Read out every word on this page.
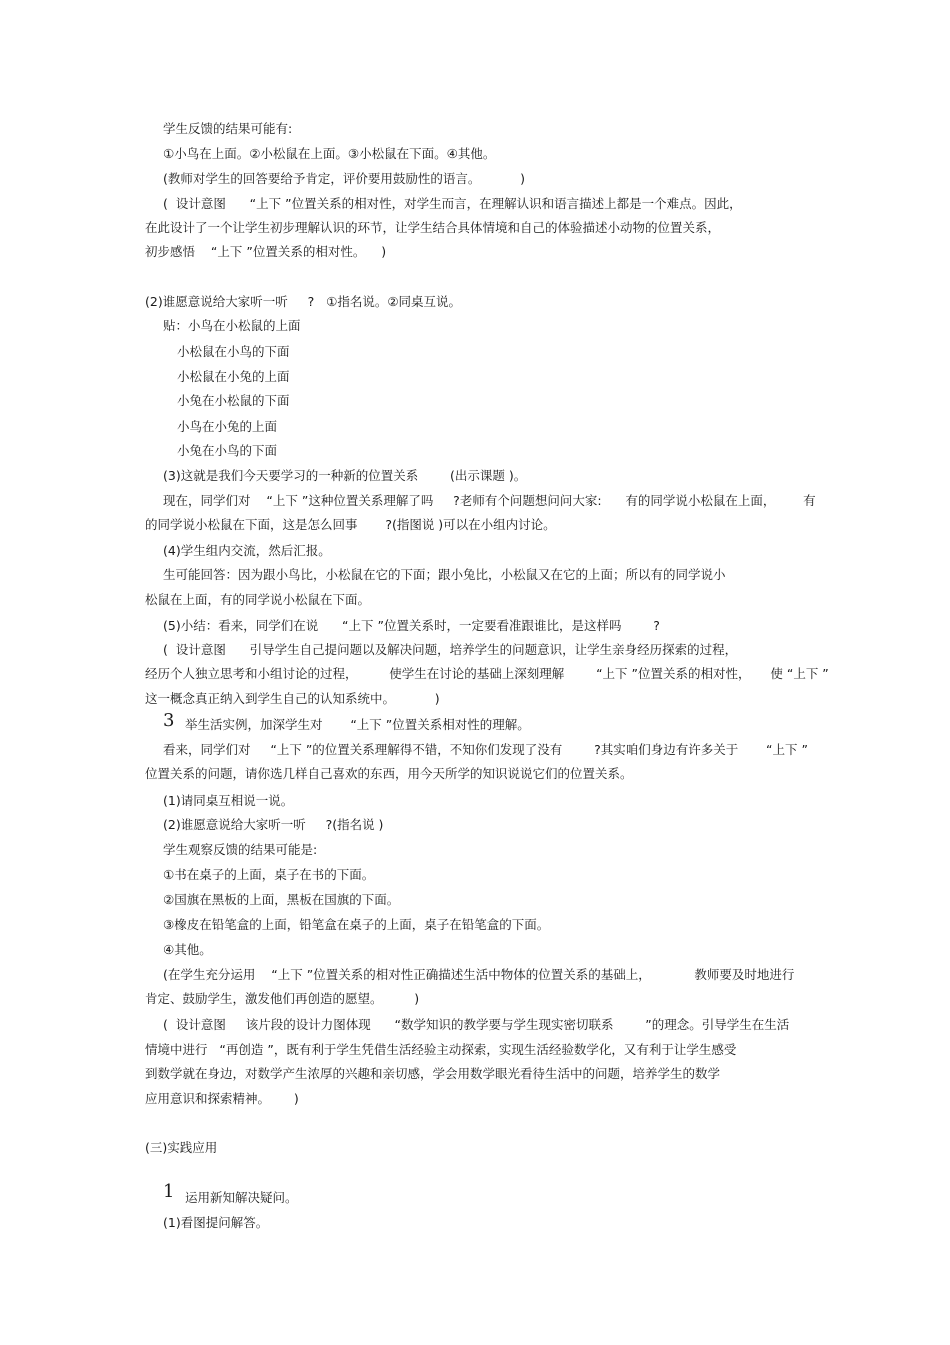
学生反馈的结果可能有:
①小鸟在上面。②小松鼠在上面。③小松鼠在下面。④其他。
(教师对学生的回答要给予肯定，评价要用鼓励性的语言。          )
(  设计意图      “上下 ”位置关系的相对性，对学生而言，在理解认识和语言描述上都是一个难点。因此，
在此设计了一个让学生初步理解认识的环节，让学生结合具体情境和自己的体验描述小动物的位置关系，
初步感悟    “上下 ”位置关系的相对性。    )
(2)谁愿意说给大家听一听     ?   ①指名说。②同桌互说。
贴：小鸟在小松鼠的上面
小松鼠在小鸟的下面
小松鼠在小兔的上面
小兔在小松鼠的下面
小鸟在小兔的上面
小兔在小鸟的下面
(3)这就是我们今天要学习的一种新的位置关系        (出示课题 )。
现在，同学们对    “上下 ”这种位置关系理解了吗     ?老师有个问题想问问大家:      有的同学说小松鼠在上面，       有
的同学说小松鼠在下面，这是怎么回事       ?(指图说 )可以在小组内讨论。
(4)学生组内交流，然后汇报。
生可能回答：因为跟小鸟比，小松鼠在它的下面；跟小兔比，小松鼠又在它的上面；所以有的同学说小
松鼠在上面，有的同学说小松鼠在下面。
(5)小结：看来，同学们在说      “上下 ”位置关系时，一定要看准跟谁比，是这样吗        ?
(  设计意图      引导学生自己提问题以及解决问题，培养学生的问题意识，让学生亲身经历探索的过程，
经历个人独立思考和小组讨论的过程，        使学生在讨论的基础上深刻理解        “上下 ”位置关系的相对性，     使 “上下 ”
这一概念真正纳入到学生自己的认知系统中。          )
3 举生活实例，加深学生对       “上下 ”位置关系相对性的理解。
看来，同学们对     “上下 ”的位置关系理解得不错，不知你们发现了没有        ?其实咱们身边有许多关于       “上下 ”
位置关系的问题，请你选几样自己喜欢的东西，用今天所学的知识说说它们的位置关系。
(1)请同桌互相说一说。
(2)谁愿意说给大家听一听     ?(指名说 )
学生观察反馈的结果可能是:
①书在桌子的上面，桌子在书的下面。
②国旗在黑板的上面，黑板在国旗的下面。
③橡皮在铅笔盒的上面，铅笔盒在桌子的上面，桌子在铅笔盒的下面。
④其他。
(在学生充分运用    “上下 ”位置关系的相对性正确描述生活中物体的位置关系的基础上，           教师要及时地进行
肯定、鼓励学生，激发他们再创造的愿望。        )
(  设计意图     该片段的设计力图体现      “数学知识的教学要与学生现实密切联系        ”的理念。引导学生在生活
情境中进行   “再创造 ”，既有利于学生凭借生活经验主动探索，实现生活经验数学化，又有利于让学生感受
到数学就在身边，对数学产生浓厚的兴趣和亲切感，学会用数学眼光看待生活中的问题，培养学生的数学
应用意识和探索精神。      )
(三)实践应用
1 运用新知解决疑问。
(1)看图提问解答。
